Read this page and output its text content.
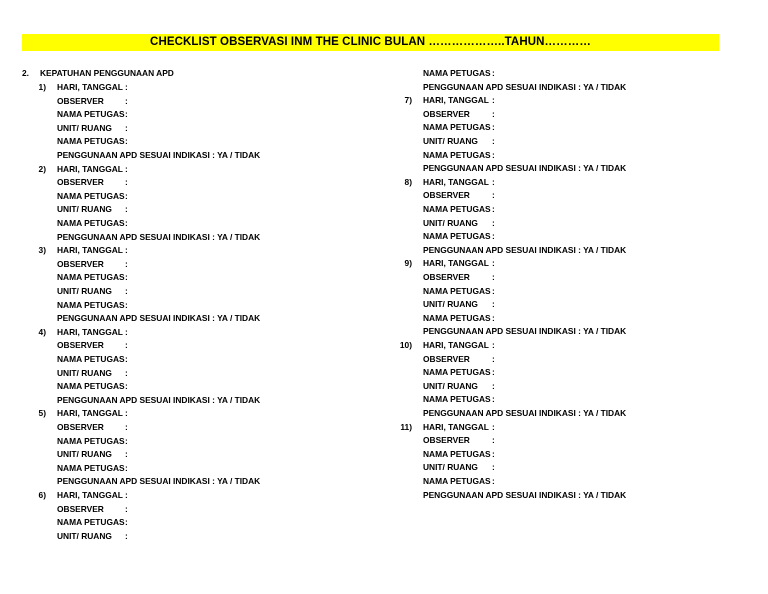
CHECKLIST OBSERVASI INM THE CLINIC BULAN ………………..TAHUN…………
2. KEPATUHAN PENGGUNAAN APD
1) HARI, TANGGAL :
OBSERVER	:
NAMA PETUGAS :
UNIT/ RUANG :
NAMA PETUGAS :
PENGGUNAAN APD SESUAI INDIKASI : YA / TIDAK
2) HARI, TANGGAL :
OBSERVER	:
NAMA PETUGAS :
UNIT/ RUANG :
NAMA PETUGAS :
PENGGUNAAN APD SESUAI INDIKASI : YA / TIDAK
3) HARI, TANGGAL :
OBSERVER	:
NAMA PETUGAS :
UNIT/ RUANG :
NAMA PETUGAS :
PENGGUNAAN APD SESUAI INDIKASI : YA / TIDAK
4) HARI, TANGGAL :
OBSERVER	:
NAMA PETUGAS :
UNIT/ RUANG :
NAMA PETUGAS :
PENGGUNAAN APD SESUAI INDIKASI : YA / TIDAK
5) HARI, TANGGAL :
OBSERVER	:
NAMA PETUGAS :
UNIT/ RUANG :
NAMA PETUGAS :
PENGGUNAAN APD SESUAI INDIKASI : YA / TIDAK
6) HARI, TANGGAL :
OBSERVER	:
NAMA PETUGAS :
UNIT/ RUANG :
NAMA PETUGAS :
PENGGUNAAN APD SESUAI INDIKASI : YA / TIDAK
7) HARI, TANGGAL :
OBSERVER	:
NAMA PETUGAS :
UNIT/ RUANG :
NAMA PETUGAS :
PENGGUNAAN APD SESUAI INDIKASI : YA / TIDAK
8) HARI, TANGGAL :
OBSERVER	:
NAMA PETUGAS :
UNIT/ RUANG :
NAMA PETUGAS :
PENGGUNAAN APD SESUAI INDIKASI : YA / TIDAK
9) HARI, TANGGAL :
OBSERVER	:
NAMA PETUGAS :
UNIT/ RUANG :
NAMA PETUGAS :
PENGGUNAAN APD SESUAI INDIKASI : YA / TIDAK
10) HARI, TANGGAL :
OBSERVER	:
NAMA PETUGAS :
UNIT/ RUANG :
NAMA PETUGAS :
PENGGUNAAN APD SESUAI INDIKASI : YA / TIDAK
11) HARI, TANGGAL :
OBSERVER	:
NAMA PETUGAS :
UNIT/ RUANG :
NAMA PETUGAS :
PENGGUNAAN APD SESUAI INDIKASI : YA / TIDAK
